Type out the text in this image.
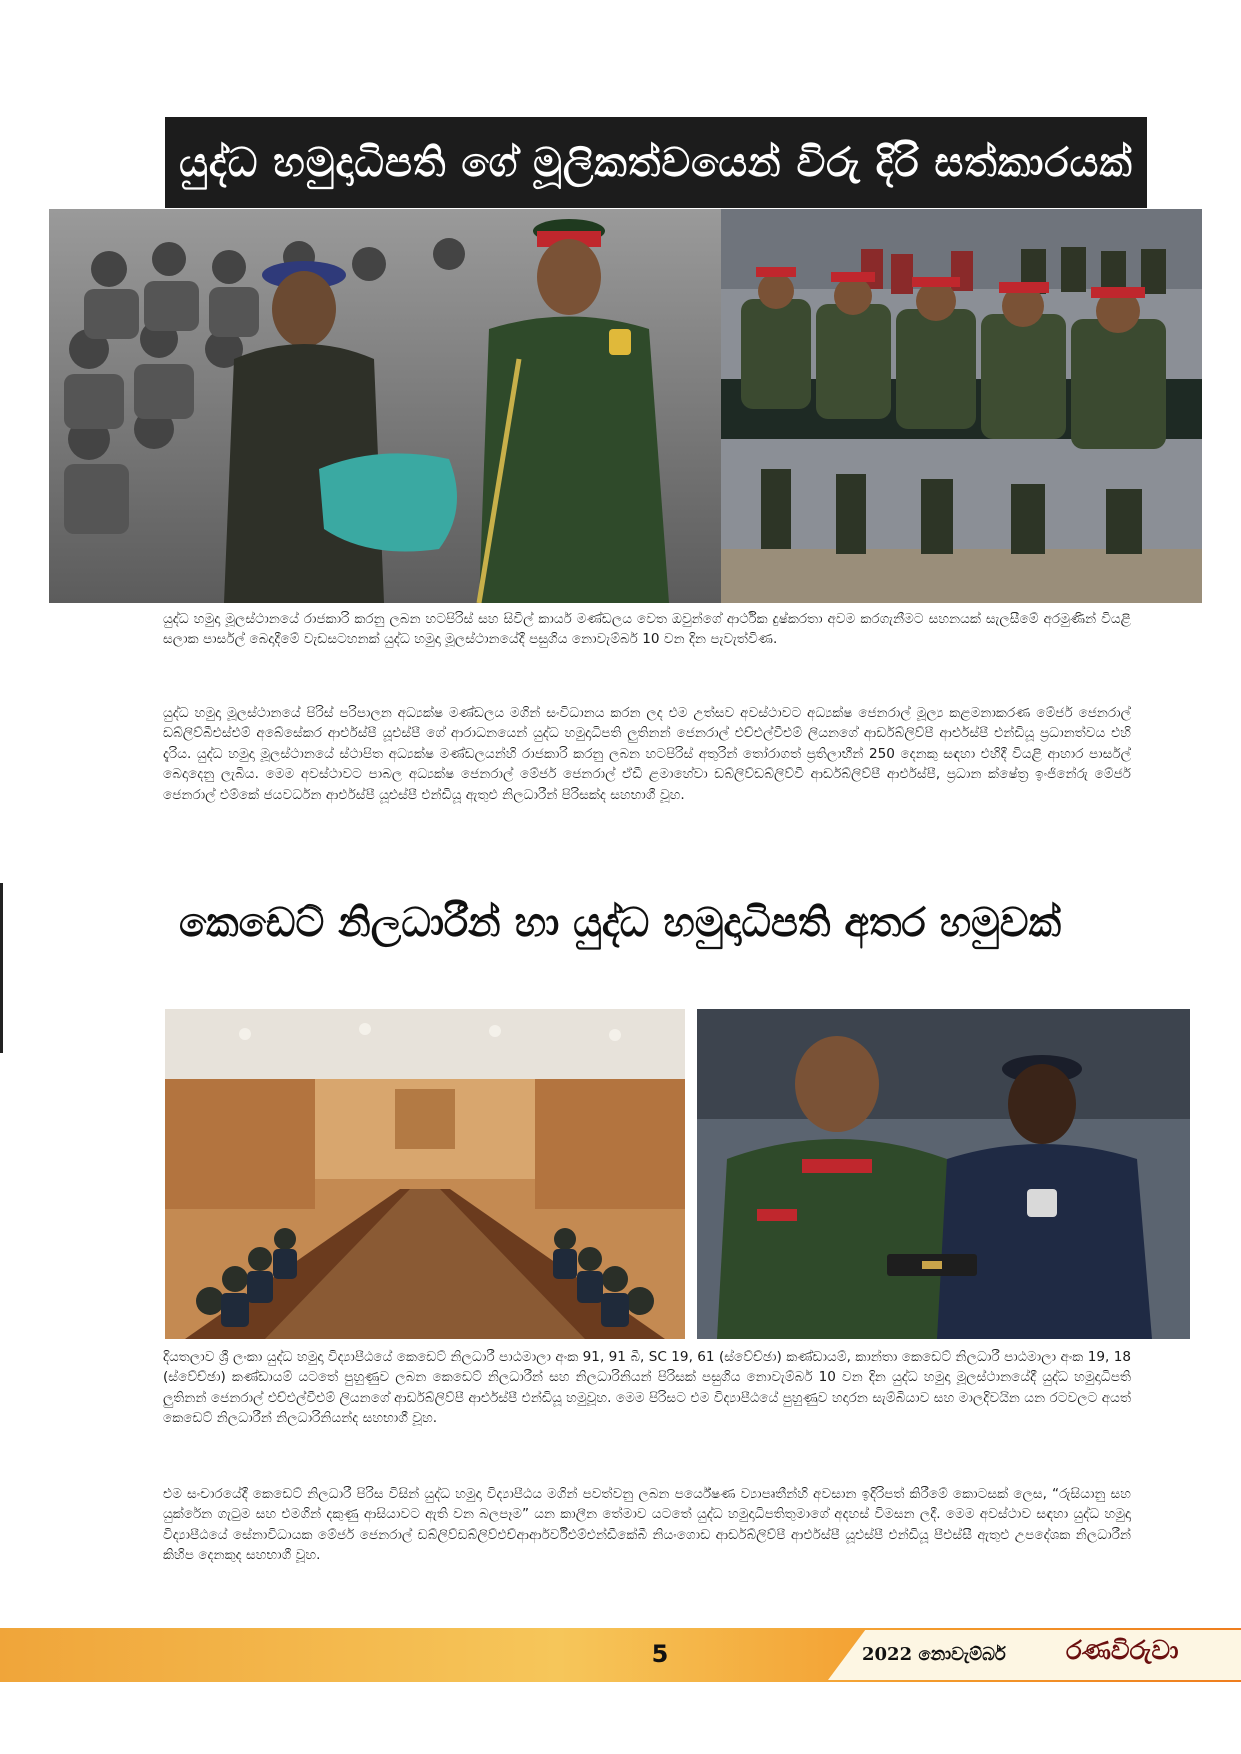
යුද්ධ හමුදාධිපති ගේ මූලිකත්වයෙන් විරු දිරි සත්කාරයක්

යුද්ධ හමුදා මූලස්ථානයේ රාජකාරි කරනු ලබන හටපිරිස් සහ සිවිල් කාර්ය මණ්ඩලය වෙත ඔවුන්ගේ ආර්ථික දුෂ්කරතා අවම කරගැනීමට සහනයක් සැලසීමේ අරමුණින් වියළි සලාක පාර්සල් බෙදාදීමේ වැඩසටහනක් යුද්ධ හමුදා මූලස්ථානයේදී පසුගිය නොවැම්බර් 10 වන දින පැවැත්විණ.

යුද්ධ හමුදා මූලස්ථානයේ පිරිස් පරිපාලන අධ්‍යක්ෂ මණ්ඩලය මගින් සංවිධානය කරන ලද එම උත්සව අවස්ථාවට අධ්‍යක්ෂ ජෙනරාල් මූල්‍ය කළමනාකරණ මේජර් ජෙනරාල් ඩබ්ලිව්බීඑස්එම් අබේසේකර ආර්එස්පී යූඑස්පී ගේ ආරාධනයෙන් යුද්ධ හමුදාධිපති ලුතිනන් ජෙනරාල් එච්එල්වීඑම් ලියනගේ ආර්ඩබ්ලිව්පී ආර්එස්පී එන්ඩියූ ප්‍රධානත්වය එහි දැරිය. යුද්ධ හමුදා මූලස්ථානයේ ස්ථාපිත අධ්‍යක්ෂ මණ්ඩලයන්හි රාජකාරි කරනු ලබන හටපිරිස් අතුරින් තෝරාගත් ප්‍රතිලාභීන් 250 දෙනකු සඳහා එහිදී වියළි ආහාර පාර්සල් බෙදාදෙනු ලැබිය. මෙම අවස්ථාවට පාබල අධ්‍යක්ෂ ජෙනරාල් මේජර් ජෙනරාල් ඒඩී ළමාහේවා ඩබ්ලිව්ඩබ්ලිව්වී ආර්ඩබ්ලිව්පී ආර්එස්පී, ප්‍රධාන ක්ෂේත්‍ර ඉංජිනේරු මේජර් ජෙනරාල් එම්කේ ජයවර්ධන ආර්එස්පී යූඑස්පී එන්ඩියූ ඇතුළු නිලධාරීන් පිරිසක්ද සහභාගී වූහ.

කෙඩෙට් නිලධාරීන් හා යුද්ධ හමුදාධිපති අතර හමුවක්

දියතලාව ශ්‍රී ලංකා යුද්ධ හමුදා විද්‍යාපීඨයේ කෙඩෙට් නිලධාරී පාඨමාලා අංක 91, 91 බී, SC 19, 61 (ස්වේච්ඡා) කණ්ඩායම්, කාන්තා කෙඩෙට් නිලධාරී පාඨමාලා අංක 19, 18 (ස්වේච්ඡා) කණ්ඩායම් යටතේ පුහුණුව ලබන කෙඩෙට් නිලධාරීන් සහ නිලධාරිනියන් පිරිසක් පසුගිය නොවැම්බර් 10 වන දින යුද්ධ හමුදා මූලස්ථානයේදී යුද්ධ හමුදාධිපති ලුතිනන් ජෙනරාල් එච්එල්වීඑම් ලියනගේ ආර්ඩබ්ලිව්පී ආර්එස්පී එන්ඩියූ හමුවූහ. මෙම පිරිසට එම විද්‍යාපීඨයේ පුහුණුව හදාරන සැම්බියාව සහ මාලදිවයින යන රටවලට අයත් කෙඩෙට් නිලධාරීන් නිලධාරිනියන්ද සහභාගී වූහ.

එම සංචාරයේදී කෙඩෙට් නිලධාරී පිරිස විසින් යුද්ධ හමුදා විද්‍යාපීඨය මගින් පවත්වනු ලබන පර්යේෂණ ව්‍යාපෘතීන්හි අවසාන ඉදිරිපත් කිරීමේ කොටසක් ලෙස, “රුසියානු සහ යුක්රේන ගැටුම සහ එමගින් දකුණු ආසියාවට ඇති වන බලපෑම” යන කාලීන තේමාව යටතේ යුද්ධ හමුදාධිපතිතුමාගේ අදහස් විමසන ලදී. මෙම අවස්ථාව සඳහා යුද්ධ හමුදා විද්‍යාපීඨයේ සේනාවිධායක මේජර් ජෙනරාල් ඩබ්ලිව්ඩබ්ලිව්එච්ආර්ආර්වීඑම්එන්ඩීකේබී නියංගොඩ ආර්ඩබ්ලිව්පී ආර්එස්පී යූඑස්පී එන්ඩියූ පීඑස්සී ඇතුළු උපදේශක නිලධාරීන් කිහිප දෙනකුද සහභාගී වූහ.

5	2022 නොවැම්බර් රණවිරුවා
